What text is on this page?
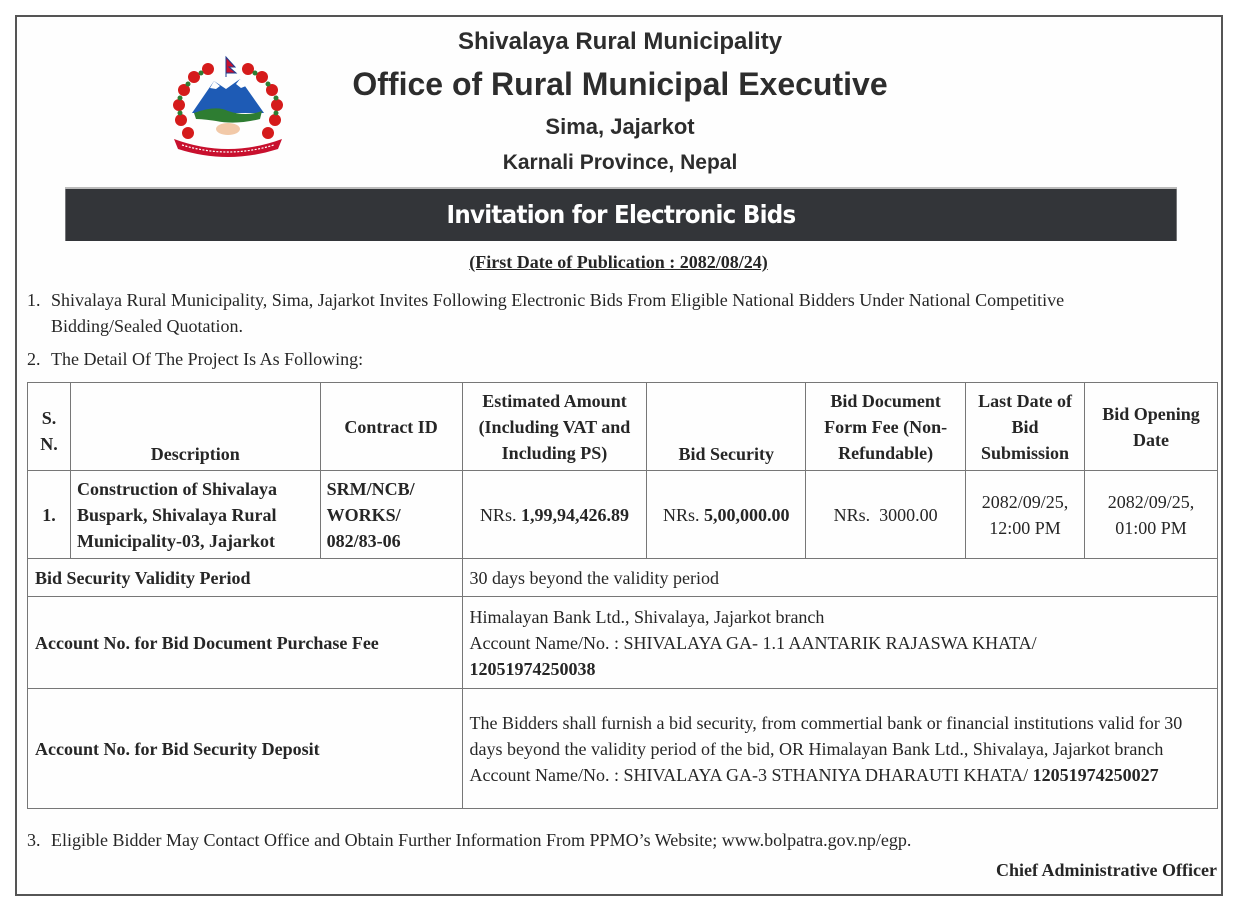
Shivalaya Rural Municipality
Office of Rural Municipal Executive
Sima, Jajarkot
Karnali Province, Nepal
Invitation for Electronic Bids
(First Date of Publication : 2082/08/24)
1. Shivalaya Rural Municipality, Sima, Jajarkot Invites Following Electronic Bids From Eligible National Bidders Under National Competitive
Bidding/Sealed Quotation.
2. The Detail Of The Project Is As Following:
S. N.	Description	Contract ID	Estimated Amount (Including VAT and Including PS)	Bid Security	Bid Document Form Fee (Non-Refundable)	Last Date of Bid Submission	Bid Opening Date
1.	Construction of Shivalaya Buspark, Shivalaya Rural Municipality-03, Jajarkot	SRM/NCB/ WORKS/ 082/83-06	NRs. 1,99,94,426.89	NRs. 5,00,000.00	NRs.  3000.00	2082/09/25, 12:00 PM	2082/09/25, 01:00 PM
Bid Security Validity Period			30 days beyond the validity period				
Account No. for Bid Document Purchase Fee			Himalayan Bank Ltd., Shivalaya, Jajarkot branch
Account Name/No. : SHIVALAYA GA- 1.1 AANTARIK RAJASWA KHATA/
12051974250038				

Account No. for Bid Security Deposit			The Bidders shall furnish a bid security, from commertial bank or financial institutions valid for 30 days beyond the validity period of the bid, OR Himalayan Bank Ltd., Shivalaya, Jajarkot branch Account Name/No. : SHIVALAYA GA-3 STHANIYA DHARAUTI KHATA/ 12051974250027				
3. Eligible Bidder May Contact Office and Obtain Further Information From PPMO’s Website; www.bolpatra.gov.np/egp.
Chief Administrative Officer
